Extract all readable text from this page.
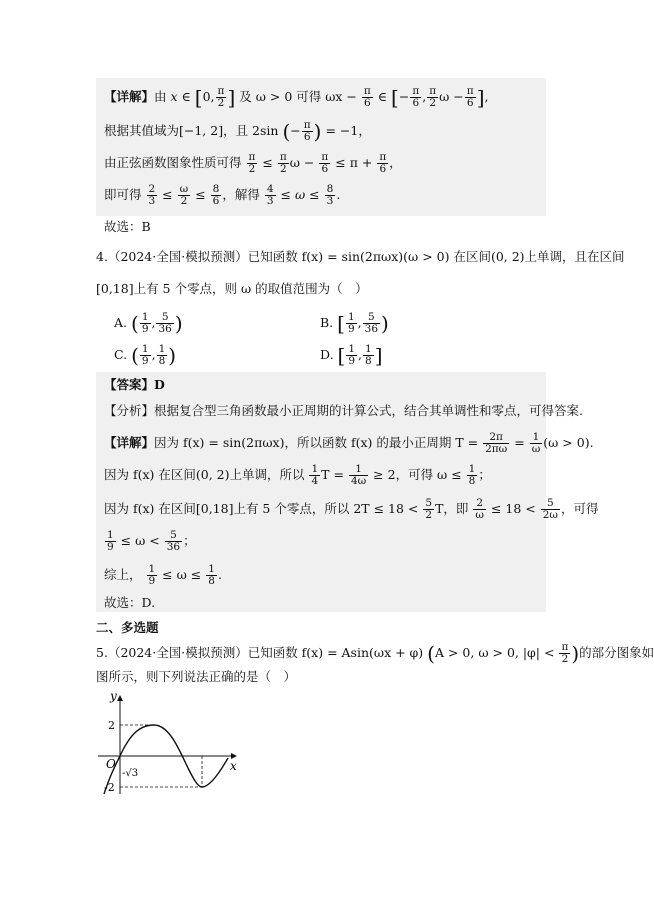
【详解】由 x ∈ [0, $\frac{\pi}{2}$ ] 及 ω > 0 可得 $\omega x - \frac{\pi}{6}$ ∈ [− $\frac{\pi}{6}$ , $\frac{\pi}{2}$ $\omega - \frac{\pi}{6}$ ],
根据其值域为[−1, 2]，且 2sin (− $\frac{\pi}{6}$ ) = −1，
由正弦函数图象性质可得 $\frac{\pi}{2} \le \frac{\pi}{2}$ $\omega - \frac{\pi}{6} \le \pi + \frac{\pi}{6}$ ，
即可得 $\frac{2}{3} \le \frac{\omega}{2} \le \frac{8}{6}$ ，解得 $\frac{4}{3} \le \omega \le \frac{8}{3}$ .
故选：B
4.（2024·全国·模拟预测）已知函数 f(x) = sin(2πωx)(ω > 0) 在区间(0, 2)上单调，且在区间
[0,18]上有 5 个零点，则 ω 的取值范围为（　）
A. ( $\frac{1}{9}$ , $\frac{5}{36}$ )	B. [ $\frac{1}{9}$ , $\frac{5}{36}$ )
C. ( $\frac{1}{9}$ , $\frac{1}{8}$ )	D. [ $\frac{1}{9}$ , $\frac{1}{8}$ ]
【答案】D
【分析】根据复合型三角函数最小正周期的计算公式，结合其单调性和零点，可得答案.
【详解】因为 f(x) = sin(2πωx)，所以函数 f(x) 的最小正周期 $T = \frac{2\pi}{2\pi\omega} = \frac{1}{\omega} (\omega > 0)$.
因为 f(x) 在区间(0, 2)上单调，所以 $\frac{1}{4}$ $T = \frac{1}{4\omega} \ge 2$，可得 $\omega \le \frac{1}{8}$ ；
因为 f(x) 在区间[0,18]上有 5 个零点，所以 $2T \le 18 < \frac{5}{2}$ T，即 $\frac{2}{\omega} \le 18 < \frac{5}{2\omega}$ ，可得
$\frac{1}{9} \le \omega < \frac{5}{36}$ ；
综上， $\frac{1}{9} \le \omega \le \frac{1}{8}$ .
故选：D.
二、多选题
5.（2024·全国·模拟预测）已知函数 f(x) = Asin(ωx + φ) (A > 0, ω > 0, $|\varphi| < \frac{\pi}{2}$ )的部分图象如
图所示，则下列说法正确的是（　）
y
x
O
2
-2
-√3
